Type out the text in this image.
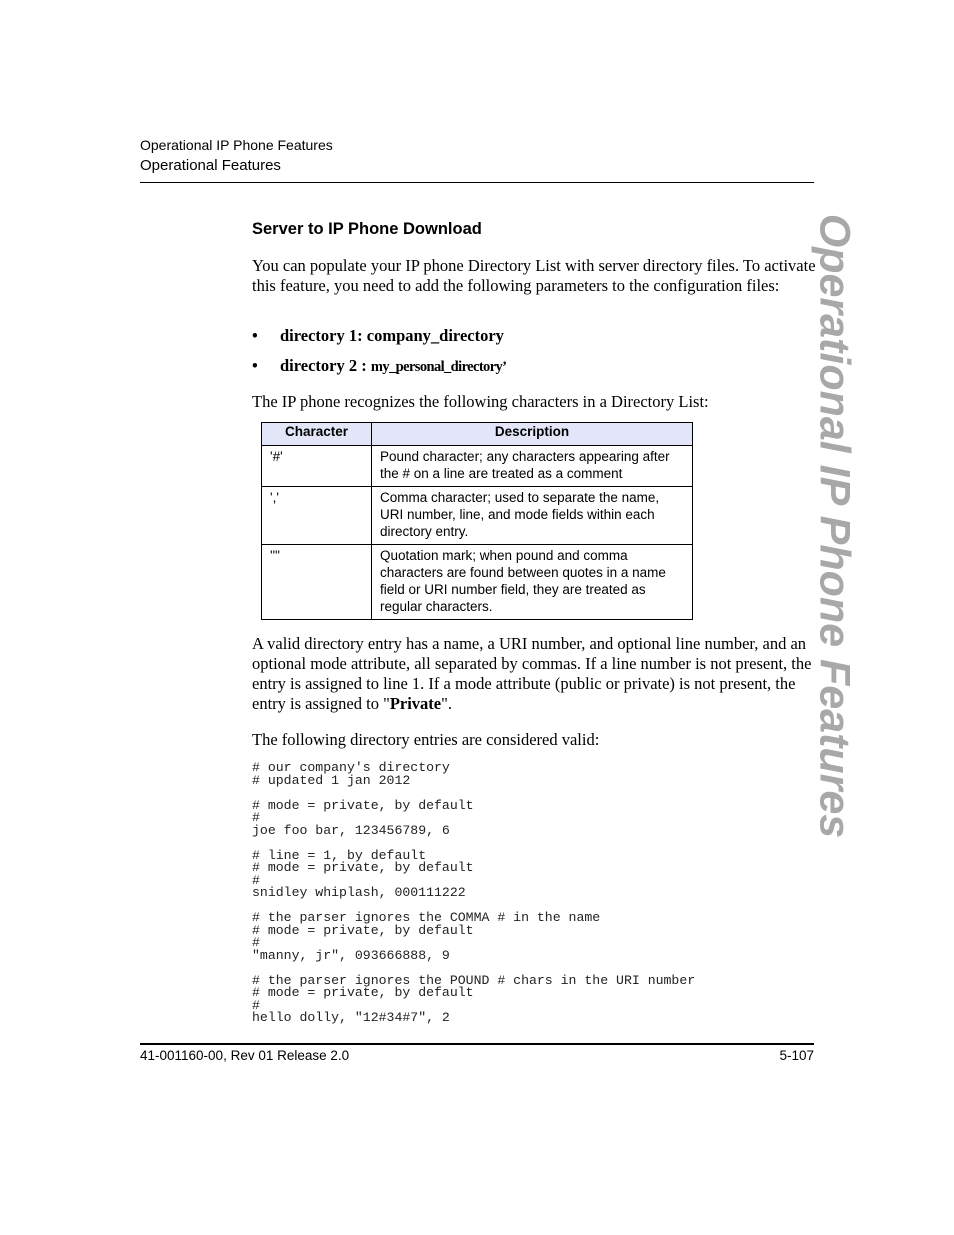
Operational IP Phone Features
Operational Features
Operational IP Phone Features
Server to IP Phone Download
You can populate your IP phone Directory List with server directory files. To activate this feature, you need to add the following parameters to the configuration files:
• directory 1: company_directory
• directory 2 : my_personal_directory’
The IP phone recognizes the following characters in a Directory List:
Character	Description
'#'	Pound character; any characters appearing after the # on a line are treated as a comment
','	Comma character; used to separate the name, URI number, line, and mode fields within each directory entry.
'"'	Quotation mark; when pound and comma characters are found between quotes in a name field or URI number field, they are treated as regular characters.
A valid directory entry has a name, a URI number, and optional line number, and an optional mode attribute, all separated by commas. If a line number is not present, the entry is assigned to line 1. If a mode attribute (public or private) is not present, the entry is assigned to "Private".
The following directory entries are considered valid:
# our company's directory
# updated 1 jan 2012

# mode = private, by default
#
joe foo bar, 123456789, 6

# line = 1, by default
# mode = private, by default
#
snidley whiplash, 000111222

# the parser ignores the COMMA # in the name
# mode = private, by default
#
"manny, jr", 093666888, 9

# the parser ignores the POUND # chars in the URI number
# mode = private, by default
#
hello dolly, "12#34#7", 2

41-001160-00, Rev 01 Release 2.0	5-107
